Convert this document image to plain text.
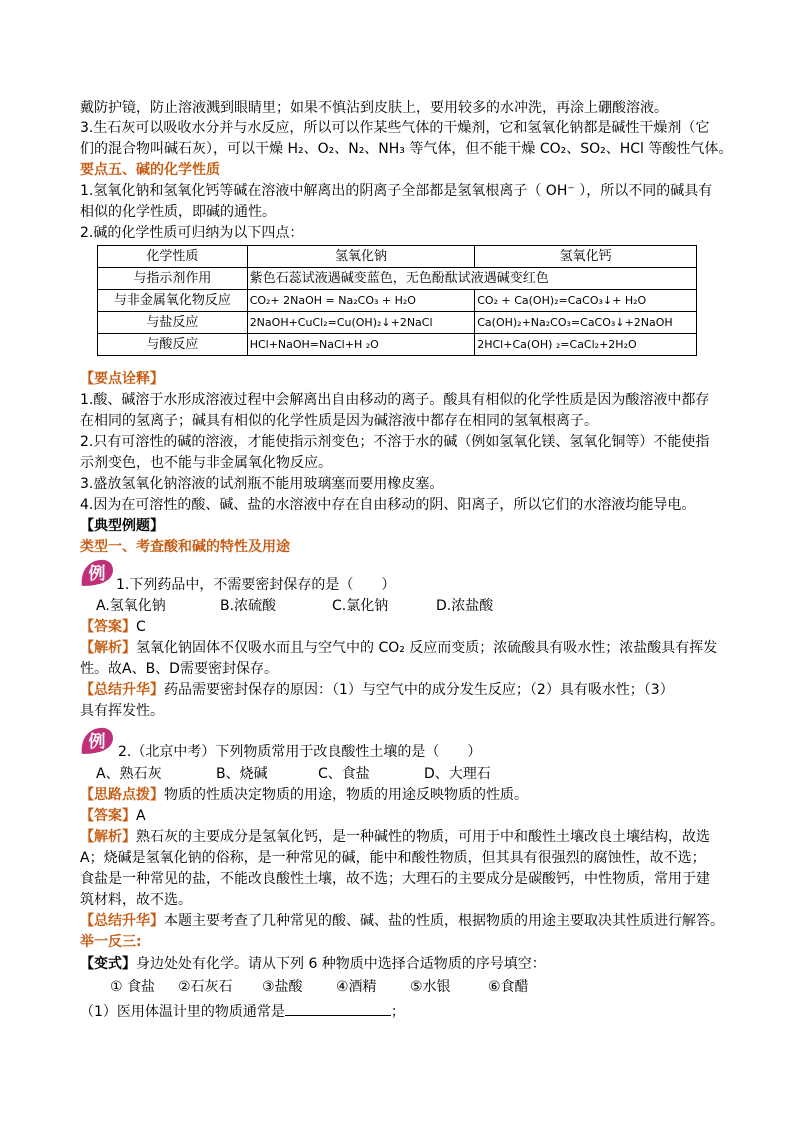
戴防护镜，防止溶液溅到眼睛里；如果不慎沾到皮肤上，要用较多的水冲洗，再涂上硼酸溶液。
3.生石灰可以吸收水分并与水反应，所以可以作某些气体的干燥剂，它和氢氧化钠都是碱性干燥剂（它
们的混合物叫碱石灰），可以干燥 H₂、O₂、N₂、NH₃ 等气体，但不能干燥 CO₂、SO₂、HCl 等酸性气体。
要点五、碱的化学性质
1.氢氧化钠和氢氧化钙等碱在溶液中解离出的阴离子全部都是氢氧根离子（ OH⁻ ），所以不同的碱具有
相似的化学性质，即碱的通性。
2.碱的化学性质可归纳为以下四点：
化学性质	氢氧化钠	氢氧化钙
与指示剂作用	紫色石蕊试液遇碱变蓝色，无色酚酞试液遇碱变红色	
与非金属氧化物反应	CO₂+ 2NaOH = Na₂CO₃ + H₂O	CO₂ + Ca(OH)₂=CaCO₃↓+ H₂O
与盐反应	2NaOH+CuCl₂=Cu(OH)₂↓+2NaCl	Ca(OH)₂+Na₂CO₃=CaCO₃↓+2NaOH
与酸反应	HCl+NaOH=NaCl+H ₂O	2HCl+Ca(OH) ₂=CaCl₂+2H₂O
【要点诠释】
1.酸、碱溶于水形成溶液过程中会解离出自由移动的离子。酸具有相似的化学性质是因为酸溶液中都存
在相同的氢离子；碱具有相似的化学性质是因为碱溶液中都存在相同的氢氧根离子。
2.只有可溶性的碱的溶液，才能使指示剂变色；不溶于水的碱（例如氢氧化镁、氢氧化铜等）不能使指
示剂变色，也不能与非金属氧化物反应。
3.盛放氢氧化钠溶液的试剂瓶不能用玻璃塞而要用橡皮塞。
4.因为在可溶性的酸、碱、盐的水溶液中存在自由移动的阴、阳离子，所以它们的水溶液均能导电。
【典型例题】
类型一、考查酸和碱的特性及用途
例
1.下列药品中，不需要密封保存的是（　　）
A.氢氧化钠	B.浓硫酸	C.氯化钠	D.浓盐酸
【答案】C
【解析】氢氧化钠固体不仅吸水而且与空气中的 CO₂ 反应而变质；浓硫酸具有吸水性；浓盐酸具有挥发
性。故A、B、D需要密封保存。
【总结升华】药品需要密封保存的原因：（1）与空气中的成分发生反应；（2）具有吸水性；（3）
具有挥发性。
例 2.（北京中考）下列物质常用于改良酸性土壤的是（　　）
A、熟石灰	B、烧碱	C、食盐	D、大理石
【思路点拨】物质的性质决定物质的用途，物质的用途反映物质的性质。
【答案】A
【解析】熟石灰的主要成分是氢氧化钙，是一种碱性的物质，可用于中和酸性土壤改良土壤结构，故选
A；烧碱是氢氧化钠的俗称，是一种常见的碱，能中和酸性物质，但其具有很强烈的腐蚀性，故不选；
食盐是一种常见的盐，不能改良酸性土壤，故不选；大理石的主要成分是碳酸钙，中性物质，常用于建
筑材料，故不选。
【总结升华】本题主要考查了几种常见的酸、碱、盐的性质，根据物质的用途主要取决其性质进行解答。
举一反三:
【变式】身边处处有化学。请从下列 6 种物质中选择合适物质的序号填空：
① 食盐 ②石灰石 ③盐酸 ④酒精 ⑤水银	⑥食醋
（1）医用体温计里的物质通常是	；
